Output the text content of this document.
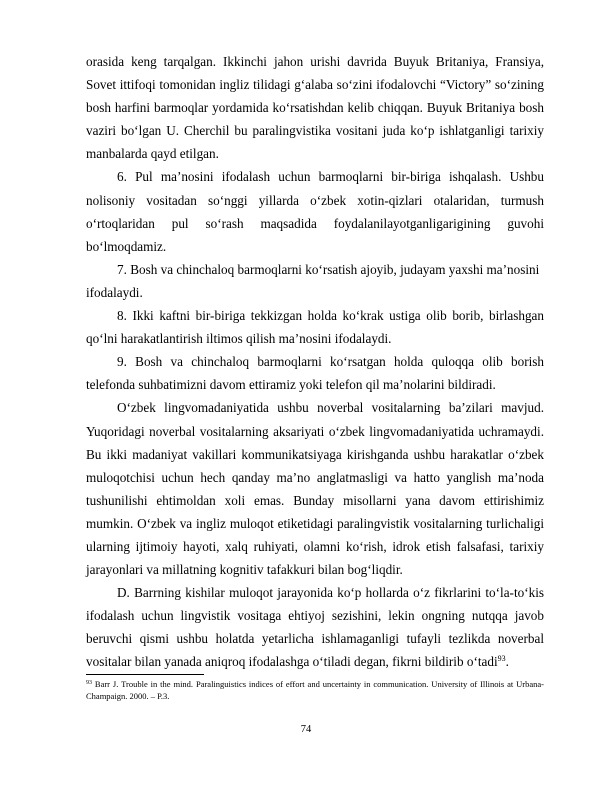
orasida keng tarqalgan. Ikkinchi jahon urishi davrida Buyuk Britaniya, Fransiya, Sovet ittifoqi tomonidan ingliz tilidagi g‘alaba so‘zini ifodalovchi “Victory” so‘zining bosh harfini barmoqlar yordamida ko‘rsatishdan kelib chiqqan. Buyuk Britaniya bosh vaziri bo‘lgan U. Cherchil bu paralingvistika vositani juda ko‘p ishlatganligi tarixiy manbalarda qayd etilgan.

6. Pul ma’nosini ifodalash uchun barmoqlarni bir-biriga ishqalash. Ushbu nolisoniy vositadan so‘nggi yillarda o‘zbek xotin-qizlari otalaridan, turmush o‘rtoqlaridan pul so‘rash maqsadida foydalanilayotganligarigining guvohi bo‘lmoqdamiz.

7. Bosh va chinchaloq barmoqlarni ko‘rsatish ajoyib, judayam yaxshi ma’nosini ifodalaydi.

8. Ikki kaftni bir-biriga tekkizgan holda ko‘krak ustiga olib borib, birlashgan qo‘lni harakatlantirish iltimos qilish ma’nosini ifodalaydi.

9. Bosh va chinchaloq barmoqlarni ko‘rsatgan holda quloqqa olib borish telefonda suhbatimizni davom ettiramiz yoki telefon qil ma’nolarini bildiradi.

O‘zbek lingvomadaniyatida ushbu noverbal vositalarning ba’zilari mavjud. Yuqoridagi noverbal vositalarning aksariyati o‘zbek lingvomadaniyatida uchramaydi. Bu ikki madaniyat vakillari kommunikatsiyaga kirishganda ushbu harakatlar o‘zbek muloqotchisi uchun hech qanday ma’no anglatmasligi va hatto yanglish ma’noda tushunilishi ehtimoldan xoli emas. Bunday misollarni yana davom ettirishimiz mumkin. O‘zbek va ingliz muloqot etiketidagi paralingvistik vositalarning turlichaligi ularning ijtimoiy hayoti, xalq ruhiyati, olamni ko‘rish, idrok etish falsafasi, tarixiy jarayonlari va millatning kognitiv tafakkuri bilan bog‘liqdir.

D. Barrning kishilar muloqot jarayonida ko‘p hollarda o‘z fikrlarini to‘la-to‘kis ifodalash uchun lingvistik vositaga ehtiyoj sezishini, lekin ongning nutqqa javob beruvchi qismi ushbu holatda yetarlicha ishlamaganligi tufayli tezlikda noverbal vositalar bilan yanada aniqroq ifodalashga o‘tiladi degan, fikrni bildirib o‘tadi$^{93}$.

$^{93}$ Barr J. Trouble in the mind. Paralinguistics indices of effort and uncertainty in communication. University of Illinois at Urbana-Champaign. 2000. – P.3.

74
